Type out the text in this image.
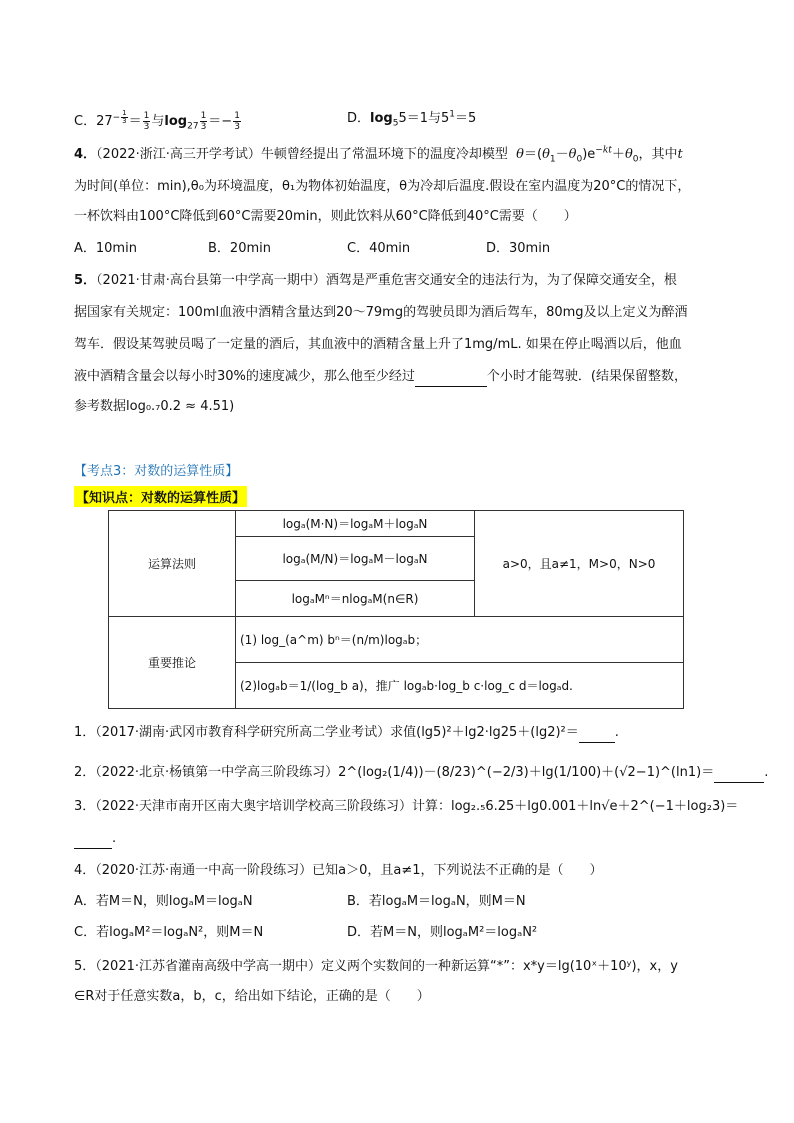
C．$27^{- \frac{1}{3}} = \frac{1}{3}$ 与$\log_{27} \frac{1}{3} =- \frac{1}{3}$	D．$\log_55=1$与$5^1=5$
4．（2022·浙江·高三开学考试）牛顿曾经提出了常温环境下的温度冷却模型  $\theta=(\theta_1-\theta_0)e^{-kt}+\theta_0$，其中t
为时间(单位：min),θ₀为环境温度，θ₁为物体初始温度，θ为冷却后温度.假设在室内温度为20°C的情况下，
一杯饮料由100°C降低到60°C需要20min，则此饮料从60°C降低到40°C需要（　　）
A．10min	B．20min	C．40min	D．30min
5．（2021·甘肃·高台县第一中学高一期中）酒驾是严重危害交通安全的违法行为，为了保障交通安全，根
据国家有关规定：100ml血液中酒精含量达到20～79mg的驾驶员即为酒后驾车，80mg及以上定义为醉酒
驾车．假设某驾驶员喝了一定量的酒后，其血液中的酒精含量上升了1mg/mL. 如果在停止喝酒以后，他血
液中酒精含量会以每小时30%的速度减少，那么他至少经过	个小时才能驾驶．(结果保留整数，
参考数据log₀.₇0.2 ≈ 4.51)
【考点3：对数的运算性质】
【知识点：对数的运算性质】
运算法则	logₐ(M·N)＝logₐM＋logₐN	a>0，且a≠1，M>0，N>0
	logₐ(M/N)＝logₐM－logₐN	
	logₐMⁿ＝nlogₐM(n∈R)	
重要推论	(1) log_(a^m) bⁿ＝(n/m)logₐb；	
	(2)logₐb＝1/(log_b a)，推广 logₐb·log_b c·log_c d＝logₐd.	
1．（2017·湖南·武冈市教育科学研究所高二学业考试）求值(lg5)²＋lg2·lg25＋(lg2)²＝	.
2．（2022·北京·杨镇第一中学高三阶段练习）2^(log₂(1/4))－(8/23)^(−2/3)＋lg(1/100)＋(√2−1)^(ln1)＝	.
3．（2022·天津市南开区南大奥宇培训学校高三阶段练习）计算：log₂.₅6.25＋lg0.001＋ln√e＋2^(−1＋log₂3)＝
.
4．（2020·江苏·南通一中高一阶段练习）已知a＞0，且a≠1，下列说法不正确的是（　　）
A．若M＝N，则logₐM＝logₐN	B．若logₐM＝logₐN，则M＝N
C．若logₐM²＝logₐN²，则M＝N	D．若M＝N，则logₐM²＝logₐN²
5．（2021·江苏省灌南高级中学高一期中）定义两个实数间的一种新运算“*”：x*y＝lg(10ˣ＋10ʸ)，x，y
∈R对于任意实数a，b，c，给出如下结论，正确的是（　　）
